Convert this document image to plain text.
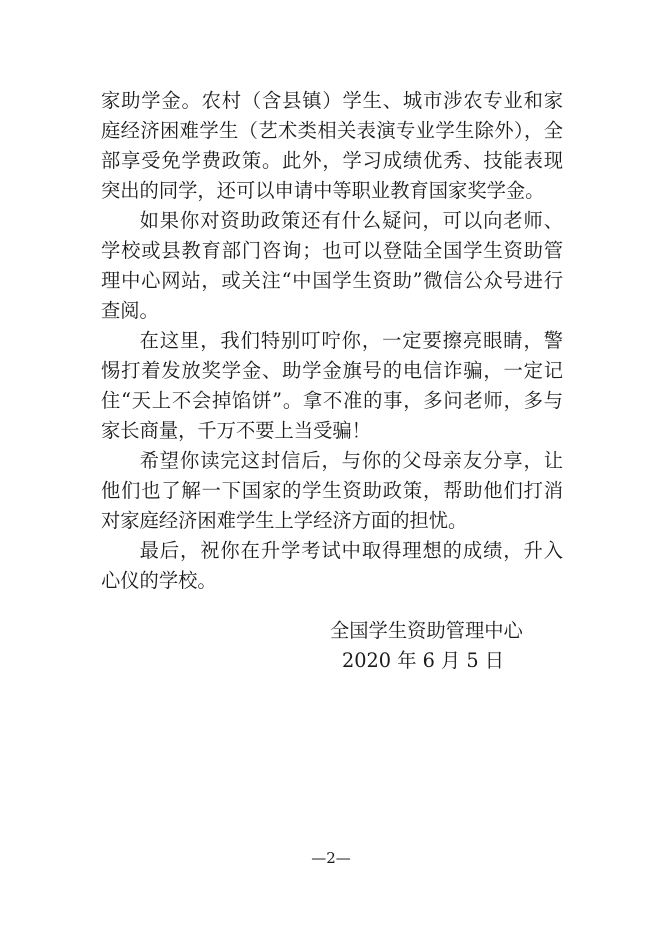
家助学金。农村（含县镇）学生、城市涉农专业和家庭经济困难学生（艺术类相关表演专业学生除外），全部享受免学费政策。此外，学习成绩优秀、技能表现突出的同学，还可以申请中等职业教育国家奖学金。

如果你对资助政策还有什么疑问，可以向老师、学校或县教育部门咨询；也可以登陆全国学生资助管理中心网站，或关注“中国学生资助”微信公众号进行查阅。

在这里，我们特别叮咛你，一定要擦亮眼睛，警惕打着发放奖学金、助学金旗号的电信诈骗，一定记住“天上不会掉馅饼”。拿不准的事，多问老师，多与家长商量，千万不要上当受骗！

希望你读完这封信后，与你的父母亲友分享，让他们也了解一下国家的学生资助政策，帮助他们打消对家庭经济困难学生上学经济方面的担忧。

最后，祝你在升学考试中取得理想的成绩，升入心仪的学校。

全国学生资助管理中心

2020 年 6 月 5 日

—2—
